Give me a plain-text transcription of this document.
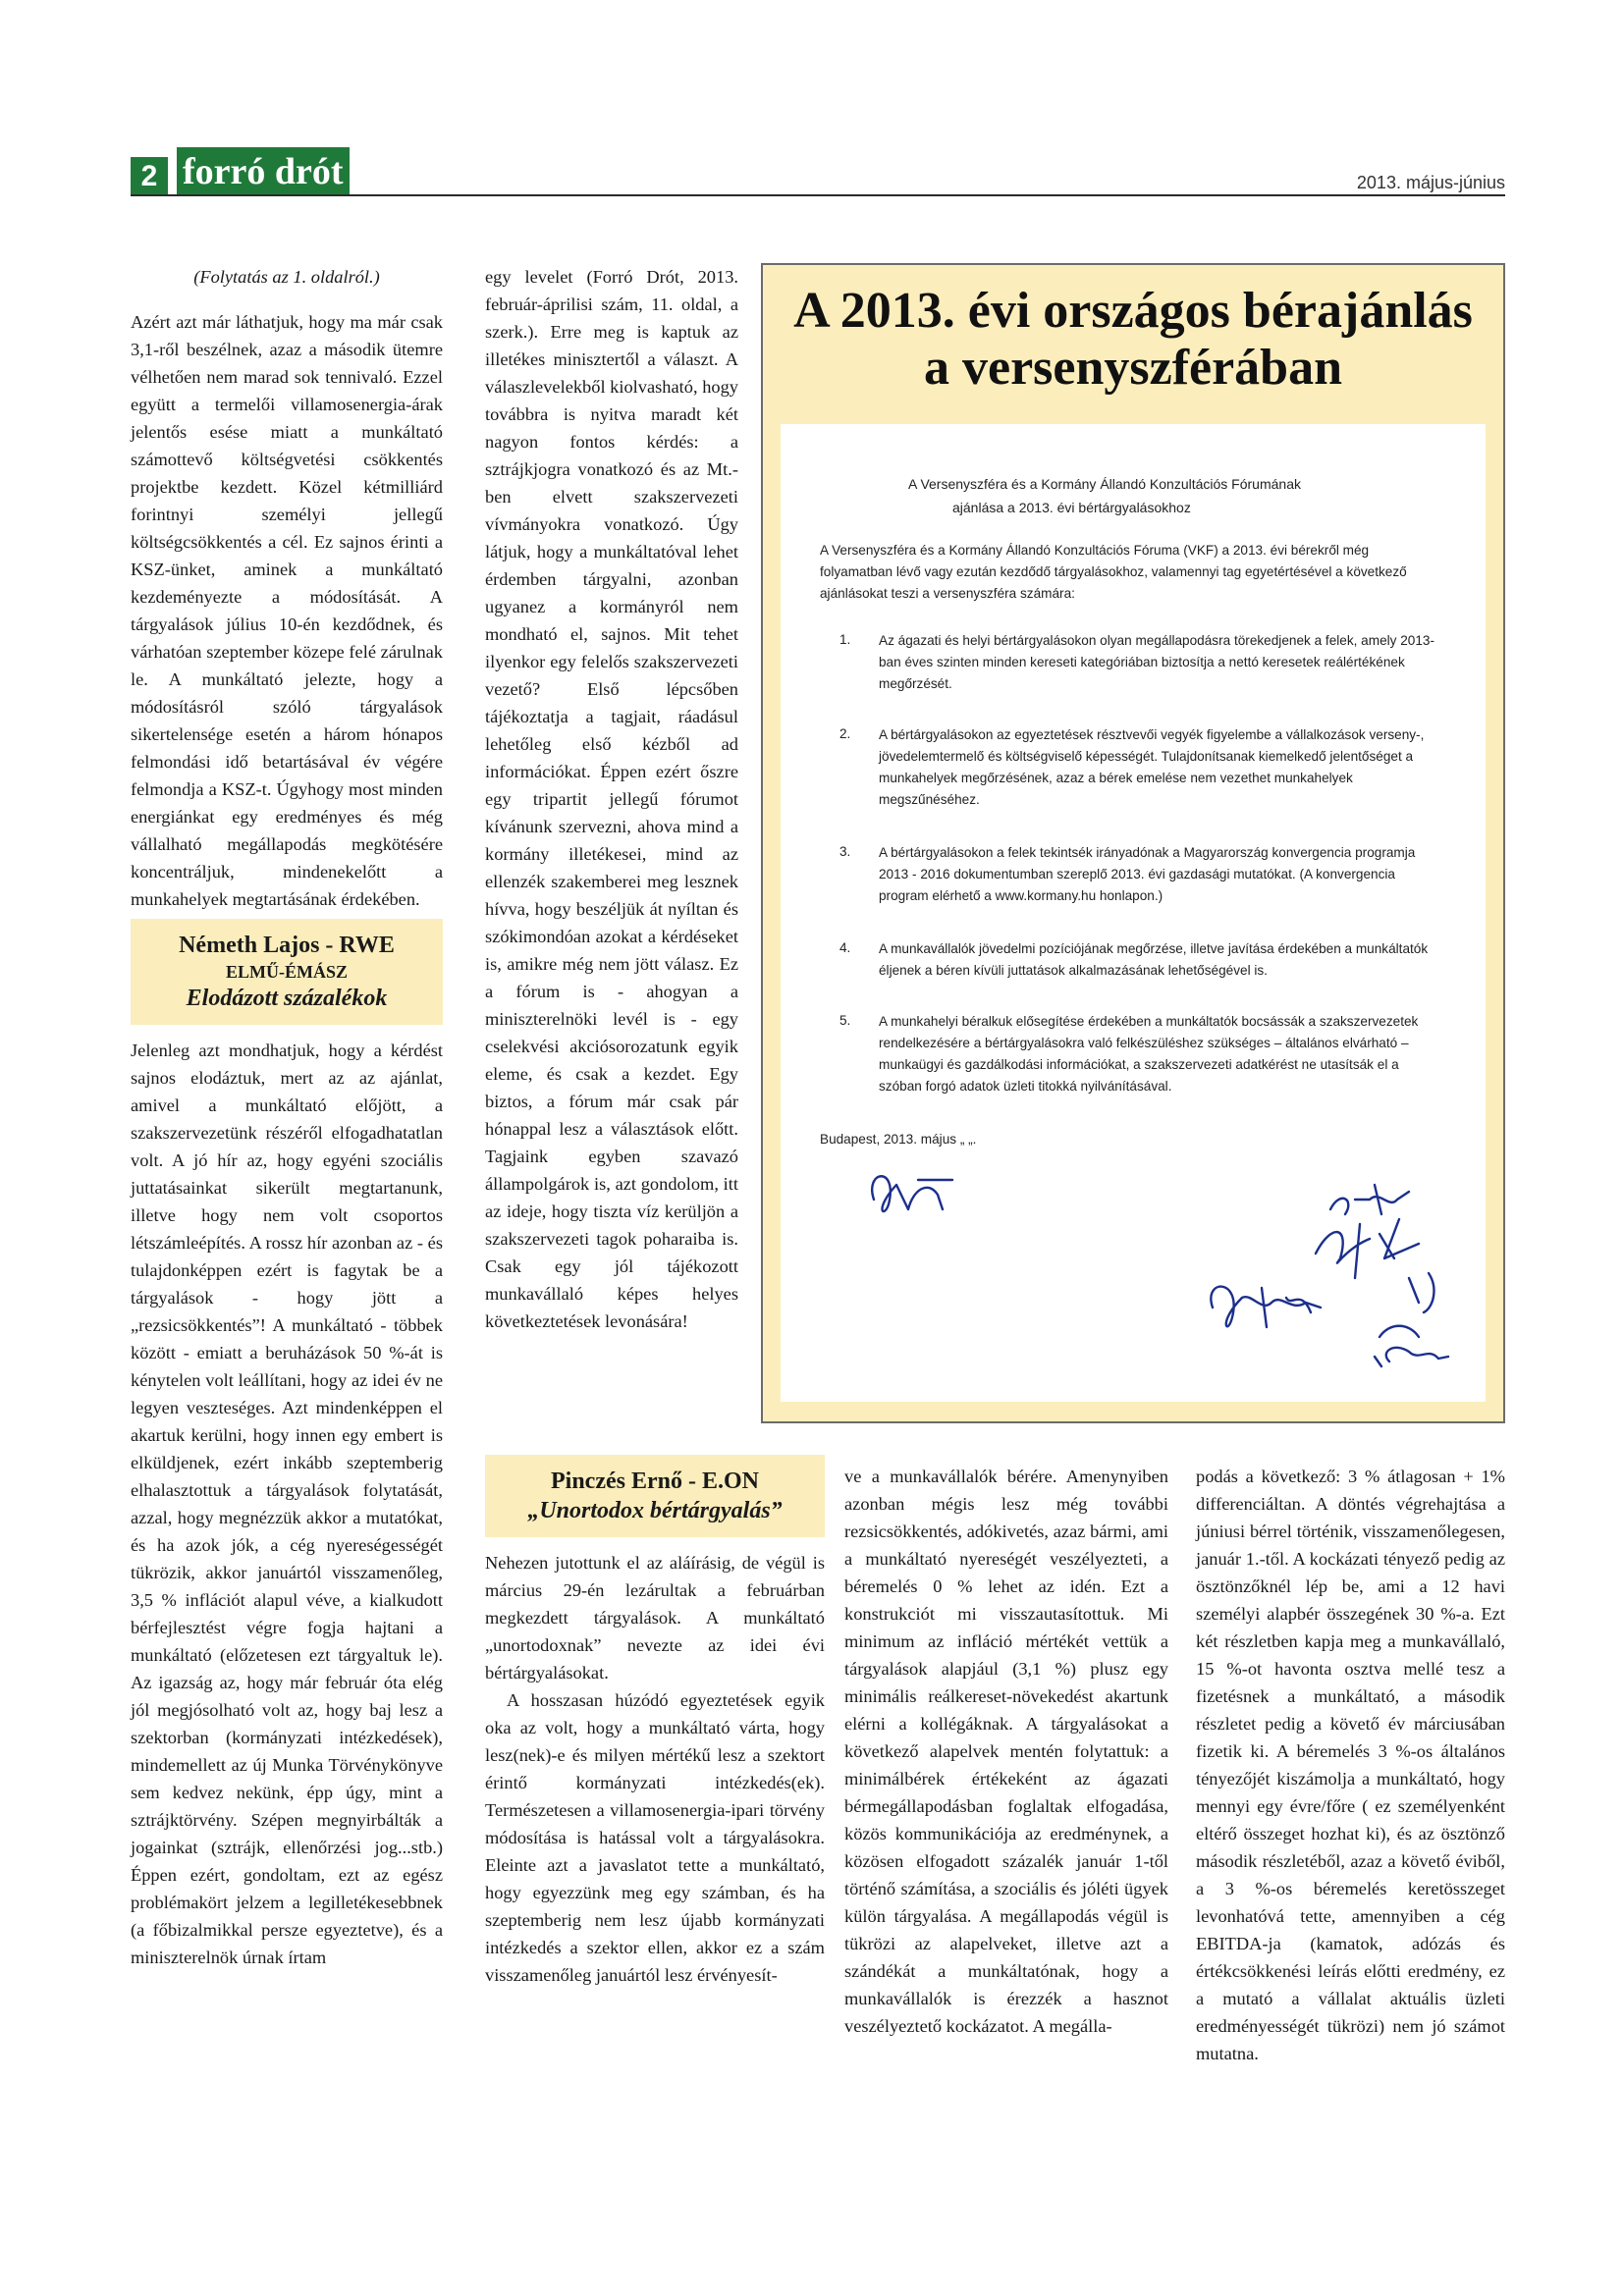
2 forró drót	2013. május-június

(Folytatás az 1. oldalról.)

Azért azt már láthatjuk, hogy ma már csak 3,1-ről beszélnek, azaz a második ütemre vélhetően nem marad sok tennivaló. Ezzel együtt a termelői villamosenergia-árak jelentős esése miatt a munkáltató számottevő költségvetési csökkentés projektbe kezdett. Közel kétmilliárd forintnyi személyi jellegű költségcsökkentés a cél. Ez sajnos érinti a KSZ-ünket, aminek a munkáltató kezdeményezte a módosítását. A tárgyalások július 10-én kezdődnek, és várhatóan szeptember közepe felé zárulnak le. A munkáltató jelezte, hogy a módosításról szóló tárgyalások sikertelensége esetén a három hónapos felmondási idő betartásával év végére felmondja a KSZ-t. Úgyhogy most minden energiánkat egy eredményes és még vállalható megállapodás megkötésére koncentráljuk, mindenekelőtt a munkahelyek megtartásának érdekében.

Németh Lajos - RWE
ELMŰ-ÉMÁSZ
Elodázott százalékok

Jelenleg azt mondhatjuk, hogy a kérdést sajnos elodáztuk, mert az az ajánlat, amivel a munkáltató előjött, a szakszervezetünk részéről elfogadhatatlan volt. A jó hír az, hogy egyéni szociális juttatásainkat sikerült megtartanunk, illetve hogy nem volt csoportos létszámleépítés. A rossz hír azonban az - és tulajdonképpen ezért is fagytak be a tárgyalások - hogy jött a „rezsicsökkentés”! A munkáltató - többek között - emiatt a beruházások 50 %-át is kénytelen volt leállítani, hogy az idei év ne legyen veszteséges. Azt mindenképpen el akartuk kerülni, hogy innen egy embert is elküldjenek, ezért inkább szeptemberig elhalasztottuk a tárgyalások folytatását, azzal, hogy megnézzük akkor a mutatókat, és ha azok jók, a cég nyereségességét tükrözik, akkor januártól visszamenőleg, 3,5 % inflációt alapul véve, a kialkudott bérfejlesztést végre fogja hajtani a munkáltató (előzetesen ezt tárgyaltuk le). Az igazság az, hogy már február óta elég jól megjósolható volt az, hogy baj lesz a szektorban (kormányzati intézkedések), mindemellett az új Munka Törvénykönyve sem kedvez nekünk, épp úgy, mint a sztrájktörvény. Szépen megnyirbálták a jogainkat (sztrájk, ellenőrzési jog...stb.) Éppen ezért, gondoltam, ezt az egész problémakört jelzem a legilletékesebbnek (a főbizalmikkal persze egyeztetve), és a miniszterelnök úrnak írtam

egy levelet (Forró Drót, 2013. február-áprilisi szám, 11. oldal, a szerk.). Erre meg is kaptuk az illetékes minisztertől a választ. A válaszlevelekből kiolvasható, hogy továbbra is nyitva maradt két nagyon fontos kérdés: a sztrájkjogra vonatkozó és az Mt.-ben elvett szakszervezeti vívmányokra vonatkozó. Úgy látjuk, hogy a munkáltatóval lehet érdemben tárgyalni, azonban ugyanez a kormányról nem mondható el, sajnos. Mit tehet ilyenkor egy felelős szakszervezeti vezető? Első lépcsőben tájékoztatja a tagjait, ráadásul lehetőleg első kézből ad információkat. Éppen ezért őszre egy tripartit jellegű fórumot kívánunk szervezni, ahova mind a kormány illetékesei, mind az ellenzék szakemberei meg lesznek hívva, hogy beszéljük át nyíltan és szókimondóan azokat a kérdéseket is, amikre még nem jött válasz. Ez a fórum is - ahogyan a miniszterelnöki levél is - egy cselekvési akciósorozatunk egyik eleme, és csak a kezdet. Egy biztos, a fórum már csak pár hónappal lesz a választások előtt. Tagjaink egyben szavazó állampolgárok is, azt gondolom, itt az ideje, hogy tiszta víz kerüljön a szakszervezeti tagok poharaiba is. Csak egy jól tájékozott munkavállaló képes helyes következtetések levonására!

Pinczés Ernő - E.ON
„Unortodox bértárgyalás”

Nehezen jutottunk el az aláírásig, de végül is március 29-én lezárultak a februárban megkezdett tárgyalások. A munkáltató „unortodoxnak” nevezte az idei évi bértárgyalásokat.

A hosszasan húzódó egyeztetések egyik oka az volt, hogy a munkáltató várta, hogy lesz(nek)-e és milyen mértékű lesz a szektort érintő kormányzati intézkedés(ek). Természetesen a villamosenergia-ipari törvény módosítása is hatással volt a tárgyalásokra. Eleinte azt a javaslatot tette a munkáltató, hogy egyezzünk meg egy számban, és ha szeptemberig nem lesz újabb kormányzati intézkedés a szektor ellen, akkor ez a szám visszamenőleg januártól lesz érvényesít-

ve a munkavállalók bérére. Amenynyiben azonban mégis lesz még további rezsicsökkentés, adókivetés, azaz bármi, ami a munkáltató nyereségét veszélyezteti, a béremelés 0 % lehet az idén. Ezt a konstrukciót mi visszautasítottuk. Mi minimum az infláció mértékét vettük a tárgyalások alapjául (3,1 %) plusz egy minimális reálkereset-növekedést akartunk elérni a kollégáknak. A tárgyalásokat a következő alapelvek mentén folytattuk: a minimálbérek értékeként az ágazati bérmegállapodásban foglaltak elfogadása, közös kommunikációja az eredménynek, a közösen elfogadott százalék január 1-től történő számítása, a szociális és jóléti ügyek külön tárgyalása. A megállapodás végül is tükrözi az alapelveket, illetve azt a szándékát a munkáltatónak, hogy a munkavállalók is érezzék a hasznot veszélyeztető kockázatot. A megálla-

podás a következő: 3 % átlagosan + 1% differenciáltan. A döntés végrehajtása a júniusi bérrel történik, visszamenőlegesen, január 1.-től. A kockázati tényező pedig az ösztönzőknél lép be, ami a 12 havi személyi alapbér összegének 30 %-a. Ezt két részletben kapja meg a munkavállaló, 15 %-ot havonta osztva mellé tesz a fizetésnek a munkáltató, a második részletet pedig a követő év márciusában fizetik ki. A béremelés 3 %-os általános tényezőjét kiszámolja a munkáltató, hogy mennyi egy évre/főre ( ez személyenként eltérő összeget hozhat ki), és az ösztönző második részletéből, azaz a követő éviből, a 3 %-os béremelés keretösszeget levonhatóvá tette, amennyiben a cég EBITDA-ja (kamatok, adózás és értékcsökkenési leírás előtti eredmény, ez a mutató a vállalat aktuális üzleti eredményességét tükrözi) nem jó számot mutatna.

A 2013. évi országos bérajánlás
a versenyszférában
A Versenyszféra és a Kormány Állandó Konzultációs Fórumának
ajánlása a 2013. évi bértárgyalásokhoz
A Versenyszféra és a Kormány Állandó Konzultációs Fóruma (VKF) a 2013. évi bérekről még
folyamatban lévő vagy ezután kezdődő tárgyalásokhoz, valamennyi tag egyetértésével a következő
ajánlásokat teszi a versenyszféra számára:
1. Az ágazati és helyi bértárgyalásokon olyan megállapodásra törekedjenek a felek, amely 2013-
ban éves szinten minden kereseti kategóriában biztosítja a nettó keresetek reálértékének
megőrzését.
2. A bértárgyalásokon az egyeztetések résztvevői vegyék figyelembe a vállalkozások verseny-,
jövedelemtermelő és költségviselő képességét. Tulajdonítsanak kiemelkedő jelentőséget a
munkahelyek megőrzésének, azaz a bérek emelése nem vezethet munkahelyek
megszűnéséhez.
3. A bértárgyalásokon a felek tekintsék irányadónak a Magyarország konvergencia programja
2013 - 2016 dokumentumban szereplő 2013. évi gazdasági mutatókat. (A konvergencia
program elérhető a www.kormany.hu honlapon.)
4. A munkavállalók jövedelmi pozíciójának megőrzése, illetve javítása érdekében a munkáltatók
éljenek a béren kívüli juttatások alkalmazásának lehetőségével is.
5. A munkahelyi béralkuk elősegítése érdekében a munkáltatók bocsássák a szakszervezetek
rendelkezésére a bértárgyalásokra való felkészüléshez szükséges – általános elvárható –
munkaügyi és gazdálkodási információkat, a szakszervezeti adatkérést ne utasítsák el a
szóban forgó adatok üzleti titokká nyilvánításával.
Budapest, 2013. május „ „.
